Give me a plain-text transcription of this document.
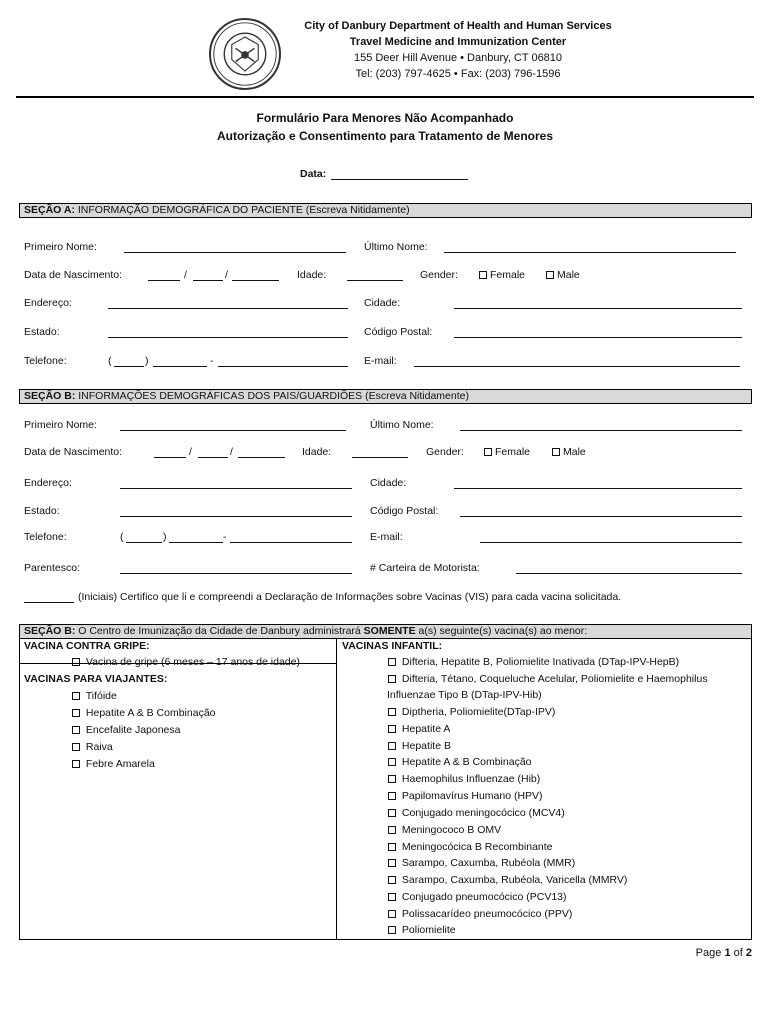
City of Danbury Department of Health and Human Services
Travel Medicine and Immunization Center
155 Deer Hill Avenue • Danbury, CT 06810
Tel: (203) 797-4625 • Fax: (203) 796-1596
Formulário Para Menores Não Acompanhado
Autorização e Consentimento para Tratamento de Menores
Data:
SEÇÃO A: INFORMAÇÃO DEMOGRÁFICA DO PACIENTE (Escreva Nitidamente)
Primeiro Nome:	Último Nome:
Data de Nascimento:	/	/	Idade:	Gender:	Female	Male
Endereço:	Cidade:
Estado:	Código Postal:
Telefone:	(	)	-	E-mail:
SEÇÃO B: INFORMAÇÕES DEMOGRÁFICAS DOS PAIS/GUARDIÕES (Escreva Nitidamente)
Primeiro Nome:	Último Nome:
Data de Nascimento:	/	/	Idade:	Gender:	Female	Male
Endereço:	Cidade:
Estado:	Código Postal:
Telefone:	(	)	-	E-mail:
Parentesco:	# Carteira de Motorista:
(Iniciais) Certifico que li e compreendi a Declaração de Informações sobre Vacinas (VIS) para cada vacina solicitada.
SEÇÃO B: O Centro de Imunização da Cidade de Danbury administrará SOMENTE a(s) seguinte(s) vacina(s) ao menor:
VACINA CONTRA GRIPE:
Vacina de gripe (6 meses – 17 anos de idade)
VACINAS PARA VIAJANTES:
Tifóide
Hepatite A & B Combinação
Encefalite Japonesa
Raiva
Febre Amarela
VACINAS INFANTIL:
Difteria, Hepatite B, Poliomielite Inativada (DTap-IPV-HepB)
Difteria, Tétano, Coqueluche Acelular, Poliomielite e Haemophilus
Influenzae Tipo B (DTap-IPV-Hib)
Diptheria, Poliomielite(DTap-IPV)
Hepatite A
Hepatite B
Hepatite A & B Combinação
Haemophilus Influenzae (Hib)
Papilomavírus Humano (HPV)
Conjugado meningocócico (MCV4)
Meningococo B OMV
Meningocócica B Recombinante
Sarampo, Caxumba, Rubéola (MMR)
Sarampo, Caxumba, Rubéola, Varicella (MMRV)
Conjugado pneumocócico (PCV13)
Polissacarídeo pneumocócico (PPV)
Poliomielite
Page 1 of 2
